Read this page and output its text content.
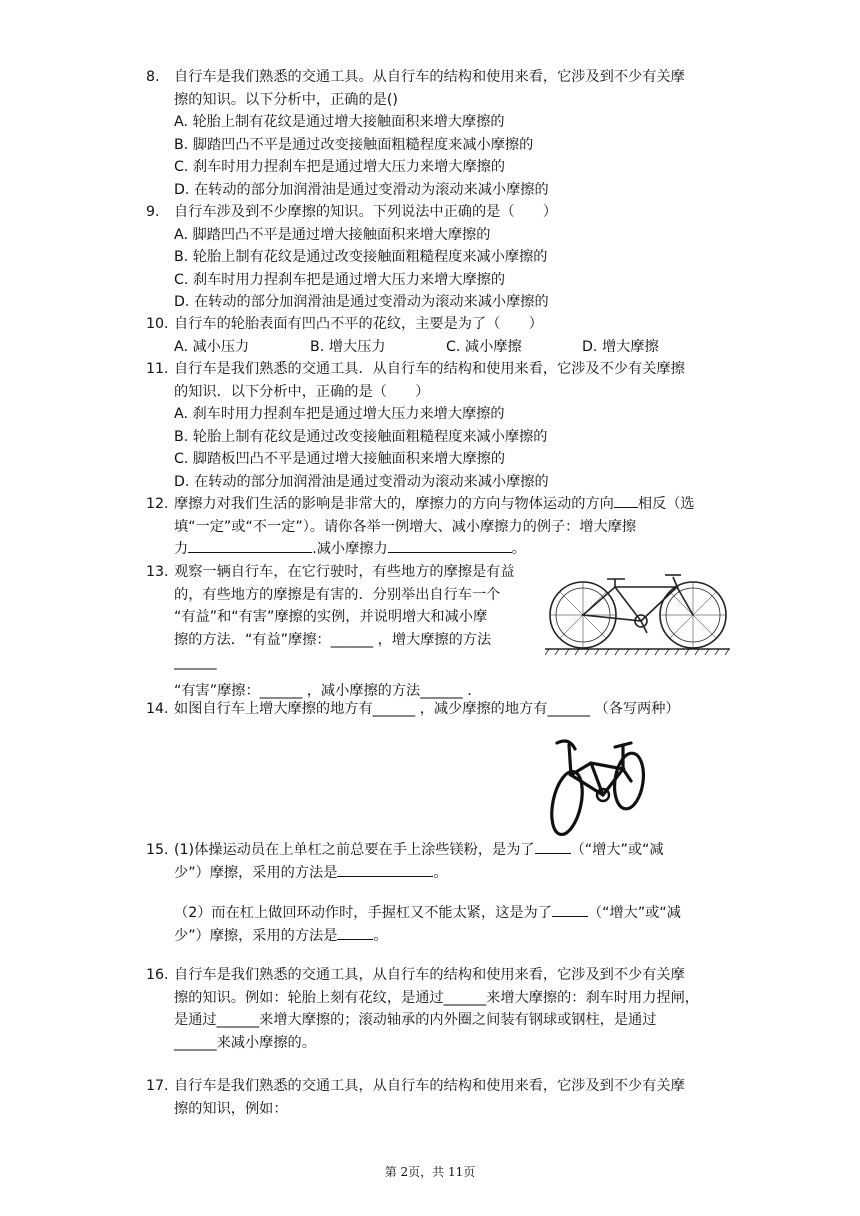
8.	自行车是我们熟悉的交通工具。从自行车的结构和使用来看，它涉及到不少有关摩
擦的知识。以下分析中，正确的是()
A. 轮胎上制有花纹是通过增大接触面积来增大摩擦的
B. 脚踏凹凸不平是通过改变接触面粗糙程度来减小摩擦的
C. 刹车时用力捏刹车把是通过增大压力来增大摩擦的
D. 在转动的部分加润滑油是通过变滑动为滚动来减小摩擦的
9.	自行车涉及到不少摩擦的知识。下列说法中正确的是（　　）
A. 脚踏凹凸不平是通过增大接触面积来增大摩擦的
B. 轮胎上制有花纹是通过改变接触面粗糙程度来减小摩擦的
C. 刹车时用力捏刹车把是通过增大压力来增大摩擦的
D. 在转动的部分加润滑油是通过变滑动为滚动来减小摩擦的
10. 自行车的轮胎表面有凹凸不平的花纹，主要是为了（　　）
A. 减小压力	B. 增大压力	C. 减小摩擦	D. 增大摩擦
11. 自行车是我们熟悉的交通工具．从自行车的结构和使用来看，它涉及不少有关摩擦
的知识．以下分析中，正确的是（　　）
A. 刹车时用力捏刹车把是通过增大压力来增大摩擦的
B. 轮胎上制有花纹是通过改变接触面粗糙程度来减小摩擦的
C. 脚踏板凹凸不平是通过增大接触面积来增大摩擦的
D. 在转动的部分加润滑油是通过变滑动为滚动来减小摩擦的
12. 摩擦力对我们生活的影响是非常大的，摩擦力的方向与物体运动的方向 相反（选
填“一定”或“不一定”）。请你各举一例增大、减小摩擦力的例子：增大摩擦
力	.减小摩擦力	。
13. 观察一辆自行车，在它行驶时，有些地方的摩擦是有益
的，有些地方的摩擦是有害的．分别举出自行车一个
“有益”和“有害”摩擦的实例，并说明增大和减小摩
擦的方法．“有益”摩擦：______ ，增大摩擦的方法
______
“有害”摩擦：______ ，减小摩擦的方法______ ．
14. 如图自行车上增大摩擦的地方有______ ，减少摩擦的地方有______ （各写两种）
15. (1)体操运动员在上单杠之前总要在手上涂些镁粉，是为了	（“增大”或“减
少”）摩擦，采用的方法是	。
（2）而在杠上做回环动作时，手握杠又不能太紧，这是为了	（“增大”或“减
少”）摩擦，采用的方法是	。
16. 自行车是我们熟悉的交通工具，从自行车的结构和使用来看，它涉及到不少有关摩
擦的知识。例如：轮胎上刻有花纹，是通过______来增大摩擦的：刹车时用力捏闸，
是通过______来增大摩擦的；滚动轴承的内外圈之间装有钢球或钢柱，是通过
______来减小摩擦的。
17. 自行车是我们熟悉的交通工具，从自行车的结构和使用来看，它涉及到不少有关摩
擦的知识，例如：
第 2页，共 11页
